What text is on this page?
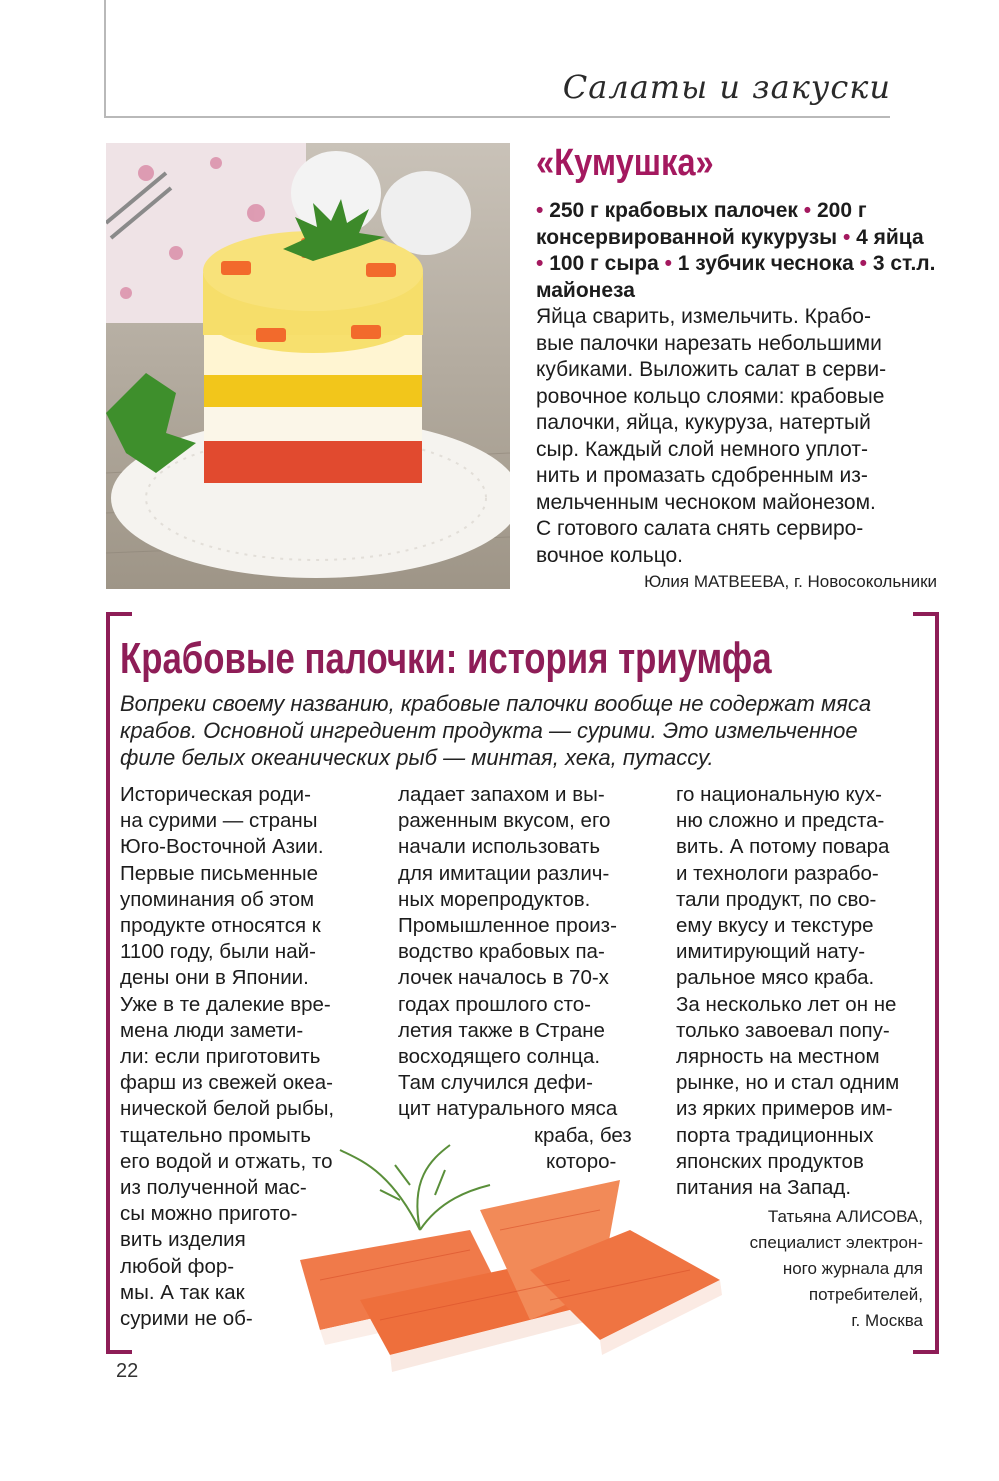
Салаты и закуски
«Кумушка»
• 250 г крабовых палочек • 200 г консервированной кукурузы • 4 яйца • 100 г сыра • 1 зубчик чеснока • 3 ст.л. майонеза
Яйца сварить, измельчить. Крабо-
вые палочки нарезать небольшими
кубиками. Выложить салат в серви-
ровочное кольцо слоями: крабовые
палочки, яйца, кукуруза, натертый
сыр. Каждый слой немного уплот-
нить и промазать сдобренным из-
мельченным чесноком майонезом.
С готового салата снять сервиро-
вочное кольцо.
Юлия МАТВЕЕВА, г. Новосокольники
Крабовые палочки: история триумфа
Вопреки своему названию, крабовые палочки вообще не содержат мяса
крабов. Основной ингредиент продукта — сурими. Это измельченное
филе белых океанических рыб — минтая, хека, путассу.
Историческая роди-
на сурими — страны
Юго-Восточной Азии.
Первые письменные
упоминания об этом
продукте относятся к
1100 году, были най-
дены они в Японии.
Уже в те далекие вре-
мена люди замети-
ли: если приготовить
фарш из свежей океа-
нической белой рыбы,
тщательно промыть
его водой и отжать, то
из полученной мас-
сы можно пригото-
вить изделия
любой фор-
мы. А так как
сурими не об-
ладает запахом и вы-
раженным вкусом, его
начали использовать
для имитации различ-
ных морепродуктов.
Промышленное произ-
водство крабовых па-
лочек началось в 70-х
годах прошлого сто-
летия также в Стране
восходящего солнца.
Там случился дефи-
цит натурального мяса
краба, без
которо-
го национальную кух-
ню сложно и предста-
вить. А потому повара
и технологи разрабо-
тали продукт, по сво-
ему вкусу и текстуре
имитирующий нату-
ральное мясо краба.
За несколько лет он не
только завоевал попу-
лярность на местном
рынке, но и стал одним
из ярких примеров им-
порта традиционных
японских продуктов
питания на Запад.
Татьяна АЛИСОВА,
специалист электрон-
ного журнала для
потребителей,
г. Москва
22
